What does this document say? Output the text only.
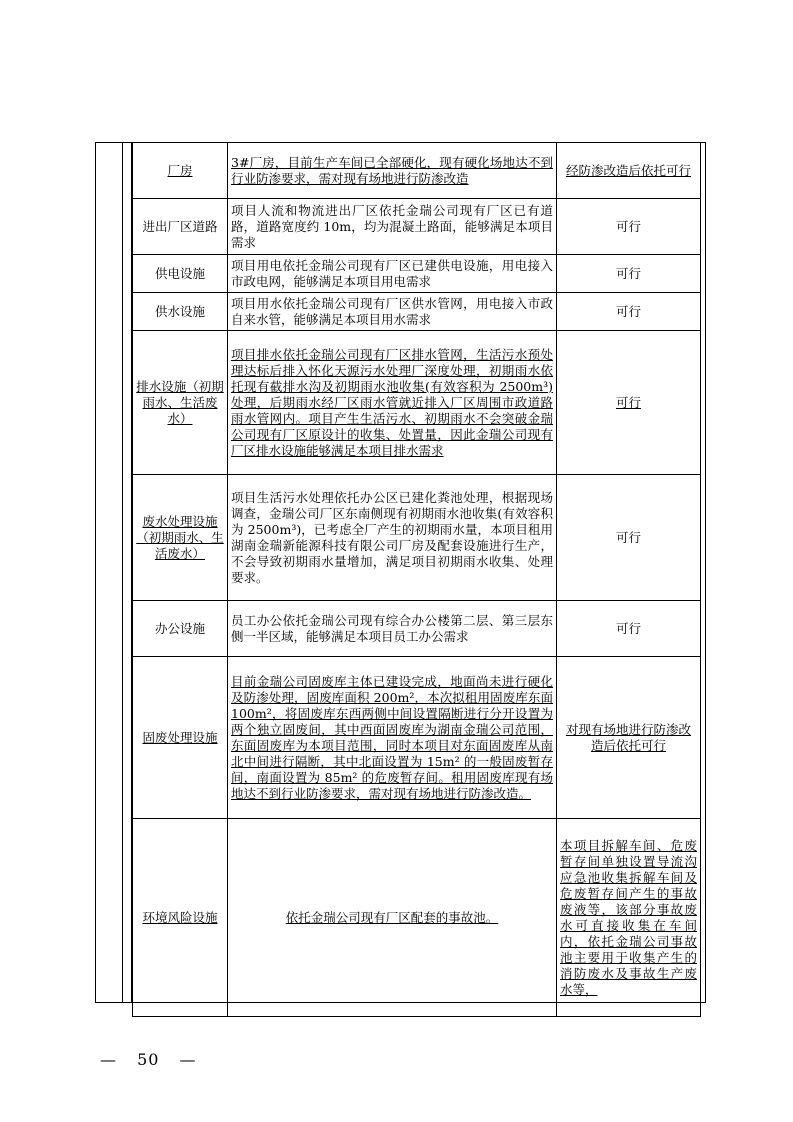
厂房	3#厂房，目前生产车间已全部硬化，现有硬化场地达不到行业防渗要求，需对现有场地进行防渗改造	经防渗改造后依托可行
进出厂区道路	项目人流和物流进出厂区依托金瑞公司现有厂区已有道路，道路宽度约 10m，均为混凝土路面，能够满足本项目需求	可行
供电设施	项目用电依托金瑞公司现有厂区已建供电设施，用电接入市政电网，能够满足本项目用电需求	可行
供水设施	项目用水依托金瑞公司现有厂区供水管网，用电接入市政自来水管，能够满足本项目用水需求	可行
排水设施（初期雨水、生活废水）	项目排水依托金瑞公司现有厂区排水管网，生活污水预处理达标后排入怀化天源污水处理厂深度处理，初期雨水依托现有截排水沟及初期雨水池收集(有效容积为 2500m³)处理，后期雨水经厂区雨水管就近排入厂区周围市政道路雨水管网内。项目产生生活污水、初期雨水不会突破金瑞公司现有厂区原设计的收集、处置量，因此金瑞公司现有厂区排水设施能够满足本项目排水需求	可行
废水处理设施（初期雨水、生活废水）	项目生活污水处理依托办公区已建化粪池处理，根据现场调查，金瑞公司厂区东南侧现有初期雨水池收集(有效容积为 2500m³)，已考虑全厂产生的初期雨水量，本项目租用湖南金瑞新能源科技有限公司厂房及配套设施进行生产，不会导致初期雨水量增加，满足项目初期雨水收集、处理要求。	可行
办公设施	员工办公依托金瑞公司现有综合办公楼第二层、第三层东侧一半区域，能够满足本项目员工办公需求	可行
固废处理设施	目前金瑞公司固废库主体已建设完成，地面尚未进行硬化及防渗处理，固废库面积 200m²，本次拟租用固废库东面 100m²，将固废库东西两侧中间设置隔断进行分开设置为两个独立固废间，其中西面固废库为湖南金瑞公司范围，东面固废库为本项目范围，同时本项目对东面固废库从南北中间进行隔断，其中北面设置为 15m² 的一般固废暂存间，南面设置为 85m² 的危废暂存间。租用固废库现有场地达不到行业防渗要求，需对现有场地进行防渗改造。	对现有场地进行防渗改造后依托可行
环境风险设施	依托金瑞公司现有厂区配套的事故池。	本项目拆解车间、危废暂存间单独设置导流沟应急池收集拆解车间及危废暂存间产生的事故废液等，该部分事故废水可直接收集在车间内，依托金瑞公司事故池主要用于收集产生的消防废水及事故生产废水等，
— 50 —
